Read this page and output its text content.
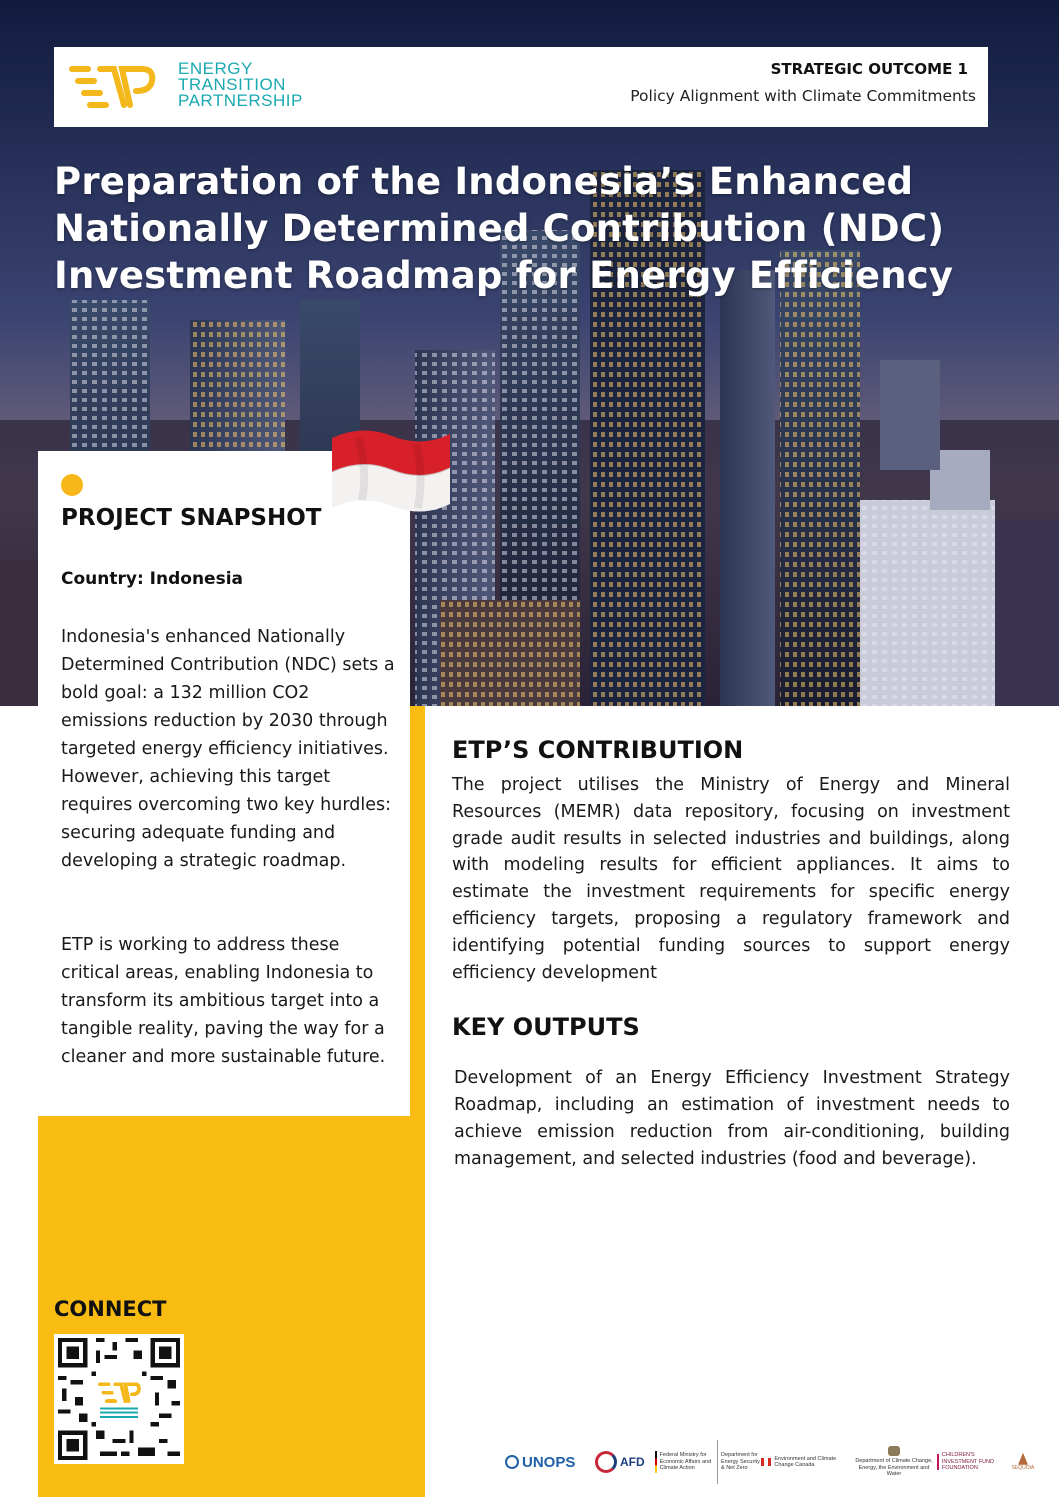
ENERGY
TRANSITION
PARTNERSHIP
STRATEGIC OUTCOME 1
Policy Alignment with Climate Commitments
Preparation of the Indonesia’s Enhanced
Nationally Determined Contribution (NDC)
Investment Roadmap for Energy Efficiency
PROJECT SNAPSHOT
Country: Indonesia
Indonesia's enhanced Nationally Determined Contribution (NDC) sets a bold goal: a 132 million CO2 emissions reduction by 2030 through targeted energy efficiency initiatives. However, achieving this target requires overcoming two key hurdles: securing adequate funding and developing a strategic roadmap.
ETP is working to address these critical areas, enabling Indonesia to transform its ambitious target into a tangible reality, paving the way for a cleaner and more sustainable future.
ETP’S CONTRIBUTION
The project utilises the Ministry of Energy and Mineral Resources (MEMR) data repository, focusing on investment grade audit results in selected industries and buildings, along with modeling results for efficient appliances. It aims to estimate the investment requirements for specific energy efficiency targets, proposing a regulatory framework and identifying potential funding sources to support energy efficiency development
KEY OUTPUTS
Development of an Energy Efficiency Investment Strategy Roadmap, including an estimation of investment needs to achieve emission reduction from air-conditioning, building management, and selected industries (food and beverage).
CONNECT
UNOPS	AFD	Federal Ministry for Economic Affairs and Climate Action
Department for Energy Security & Net Zero
Environment and Climate Change Canada
Department of Climate Change, Energy, the Environment and Water
CHILDREN'S INVESTMENT FUND FOUNDATION	SEQUOIA
